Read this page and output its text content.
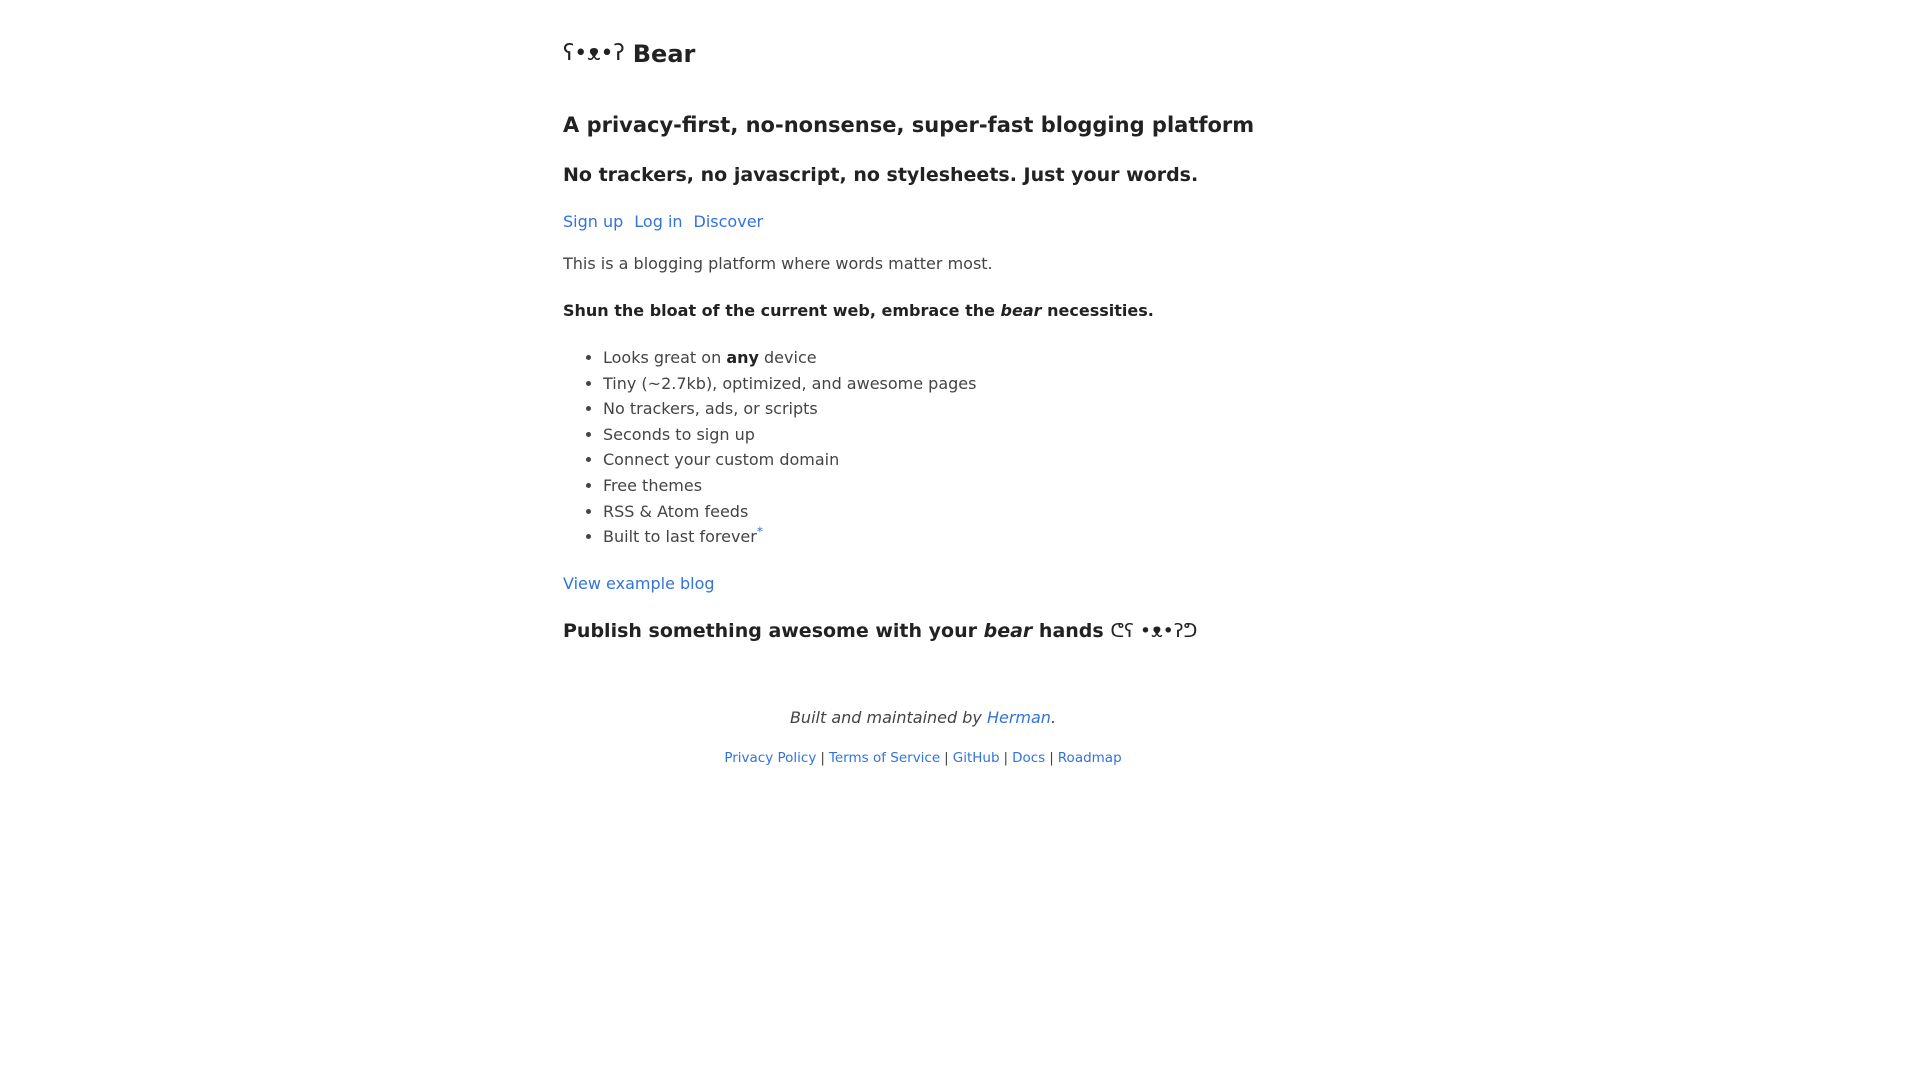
ʕ•ᴥ•ʔ Bear
A privacy-first, no-nonsense, super-fast blogging platform
No trackers, no javascript, no stylesheets. Just your words.
Sign up Log in Discover

This is a blogging platform where words matter most.

Shun the bloat of the current web, embrace the bear necessities.
• Looks great on any device
• Tiny (~2.7kb), optimized, and awesome pages
• No trackers, ads, or scripts
• Seconds to sign up
• Connect your custom domain
• Free themes
• RSS & Atom feeds
• Built to last forever*
View example blog
Publish something awesome with your bear hands ᕦʕ •ᴥ•ʔᕤ

Built and maintained by Herman.

Privacy Policy | Terms of Service | GitHub | Docs | Roadmap
